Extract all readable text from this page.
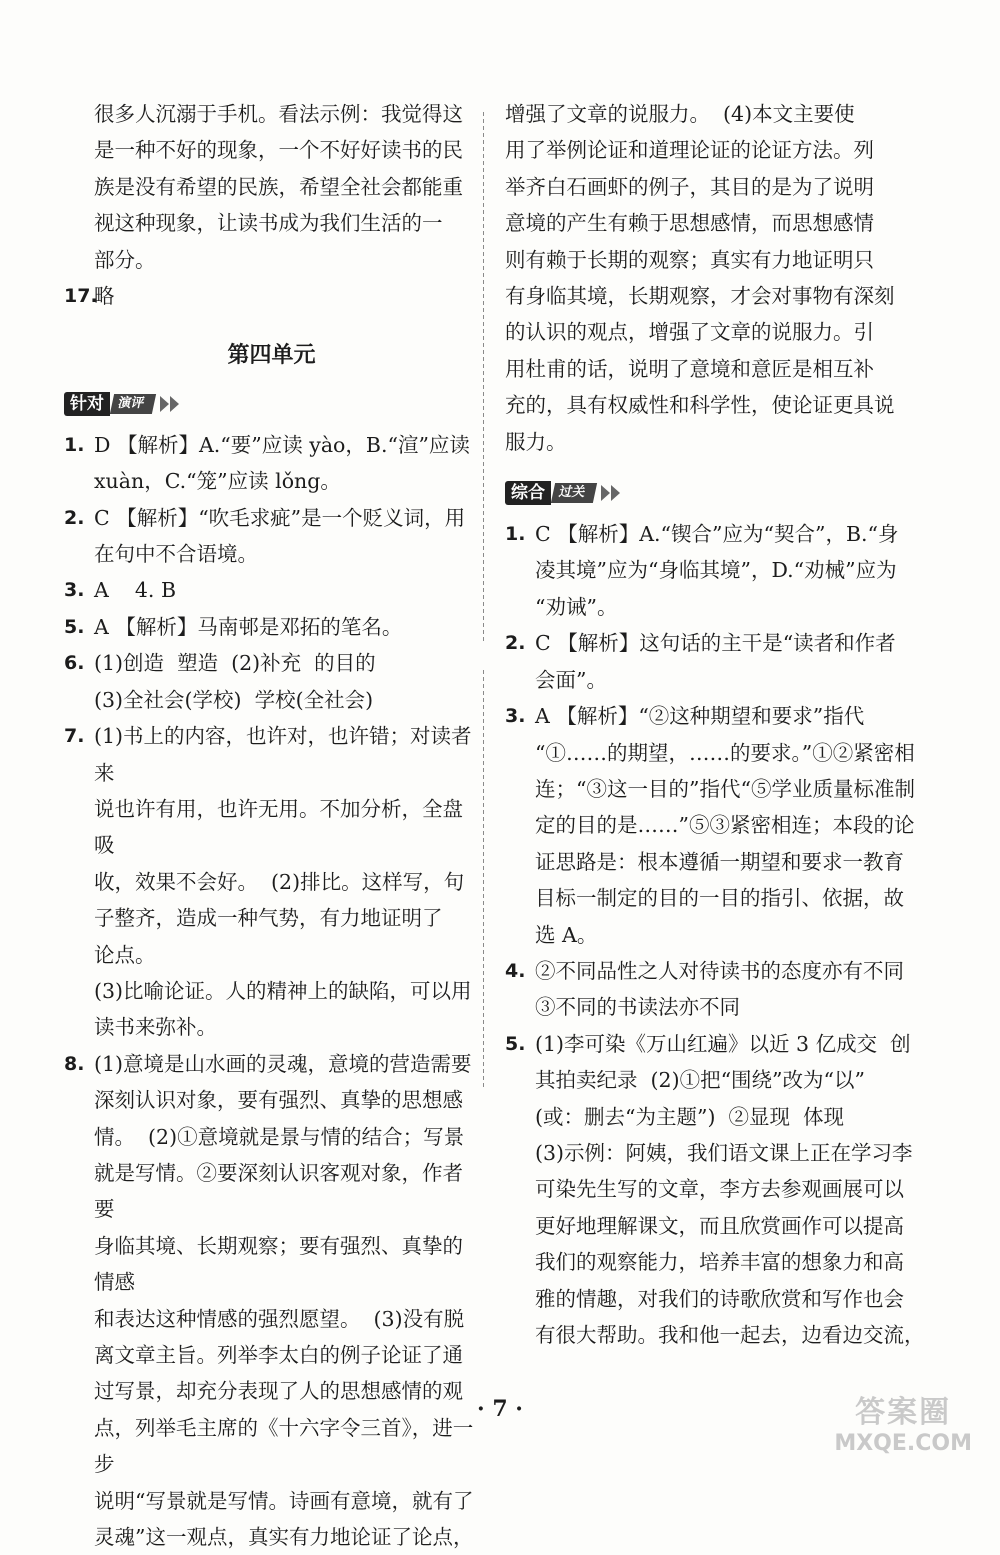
很多人沉溺于手机。看法示例：我觉得这
是一种不好的现象，一个不好好读书的民
族是没有希望的民族，希望全社会都能重
视这种现象，让读书成为我们生活的一
部分。

17.
略
第四单元
针对 演评
1. D 【解析】A.“要”应读 yào，B.“渲”应读
xuàn，C.“笼”应读 lǒng。
2. C 【解析】“吹毛求疵”是一个贬义词，用
在句中不合语境。
3. A    4. B
5. A 【解析】马南邨是邓拓的笔名。
6. (1)创造  塑造  (2)补充  的目的
(3)全社会(学校)  学校(全社会)
7. (1)书上的内容，也许对，也许错；对读者来
说也许有用，也许无用。不加分析，全盘吸
收，效果不会好。  (2)排比。这样写，句
子整齐，造成一种气势，有力地证明了
论点。
(3)比喻论证。人的精神上的缺陷，可以用
读书来弥补。
8. (1)意境是山水画的灵魂，意境的营造需要
深刻认识对象，要有强烈、真挚的思想感
情。  (2)①意境就是景与情的结合；写景
就是写情。②要深刻认识客观对象，作者要
身临其境、长期观察；要有强烈、真挚的情感
和表达这种情感的强烈愿望。  (3)没有脱
离文章主旨。列举李太白的例子论证了通
过写景，却充分表现了人的思想感情的观
点，列举毛主席的《十六字令三首》，进一步
说明“写景就是写情。诗画有意境，就有了
灵魂”这一观点，真实有力地论证了论点，

增强了文章的说服力。  (4)本文主要使
用了举例论证和道理论证的论证方法。列
举齐白石画虾的例子，其目的是为了说明
意境的产生有赖于思想感情，而思想感情
则有赖于长期的观察；真实有力地证明只
有身临其境，长期观察，才会对事物有深刻
的认识的观点，增强了文章的说服力。引
用杜甫的话，说明了意境和意匠是相互补
充的，具有权威性和科学性，使论证更具说
服力。

综合 过关
1. C 【解析】A.“锲合”应为“契合”，B.“身
凌其境”应为“身临其境”，D.“劝械”应为
“劝诫”。
2. C 【解析】这句话的主干是“读者和作者
会面”。
3. A 【解析】“②这种期望和要求”指代
“①……的期望，……的要求。”①②紧密相
连；“③这一目的”指代“⑤学业质量标准制
定的目的是……”⑤③紧密相连；本段的论
证思路是：根本遵循一期望和要求一教育
目标一制定的目的一目的指引、依据，故
选 A。
4. ②不同品性之人对待读书的态度亦有不同
③不同的书读法亦不同
5. (1)李可染《万山红遍》以近 3 亿成交  创
其拍卖纪录  (2)①把“围绕”改为“以”
(或：删去“为主题”)  ②显现  体现
(3)示例：阿姨，我们语文课上正在学习李
可染先生写的文章，李方去参观画展可以
更好地理解课文，而且欣赏画作可以提高
我们的观察能力，培养丰富的想象力和高
雅的情趣，对我们的诗歌欣赏和写作也会
有很大帮助。我和他一起去，边看边交流，
· 7 ·	答案圈
MXQE.COM
